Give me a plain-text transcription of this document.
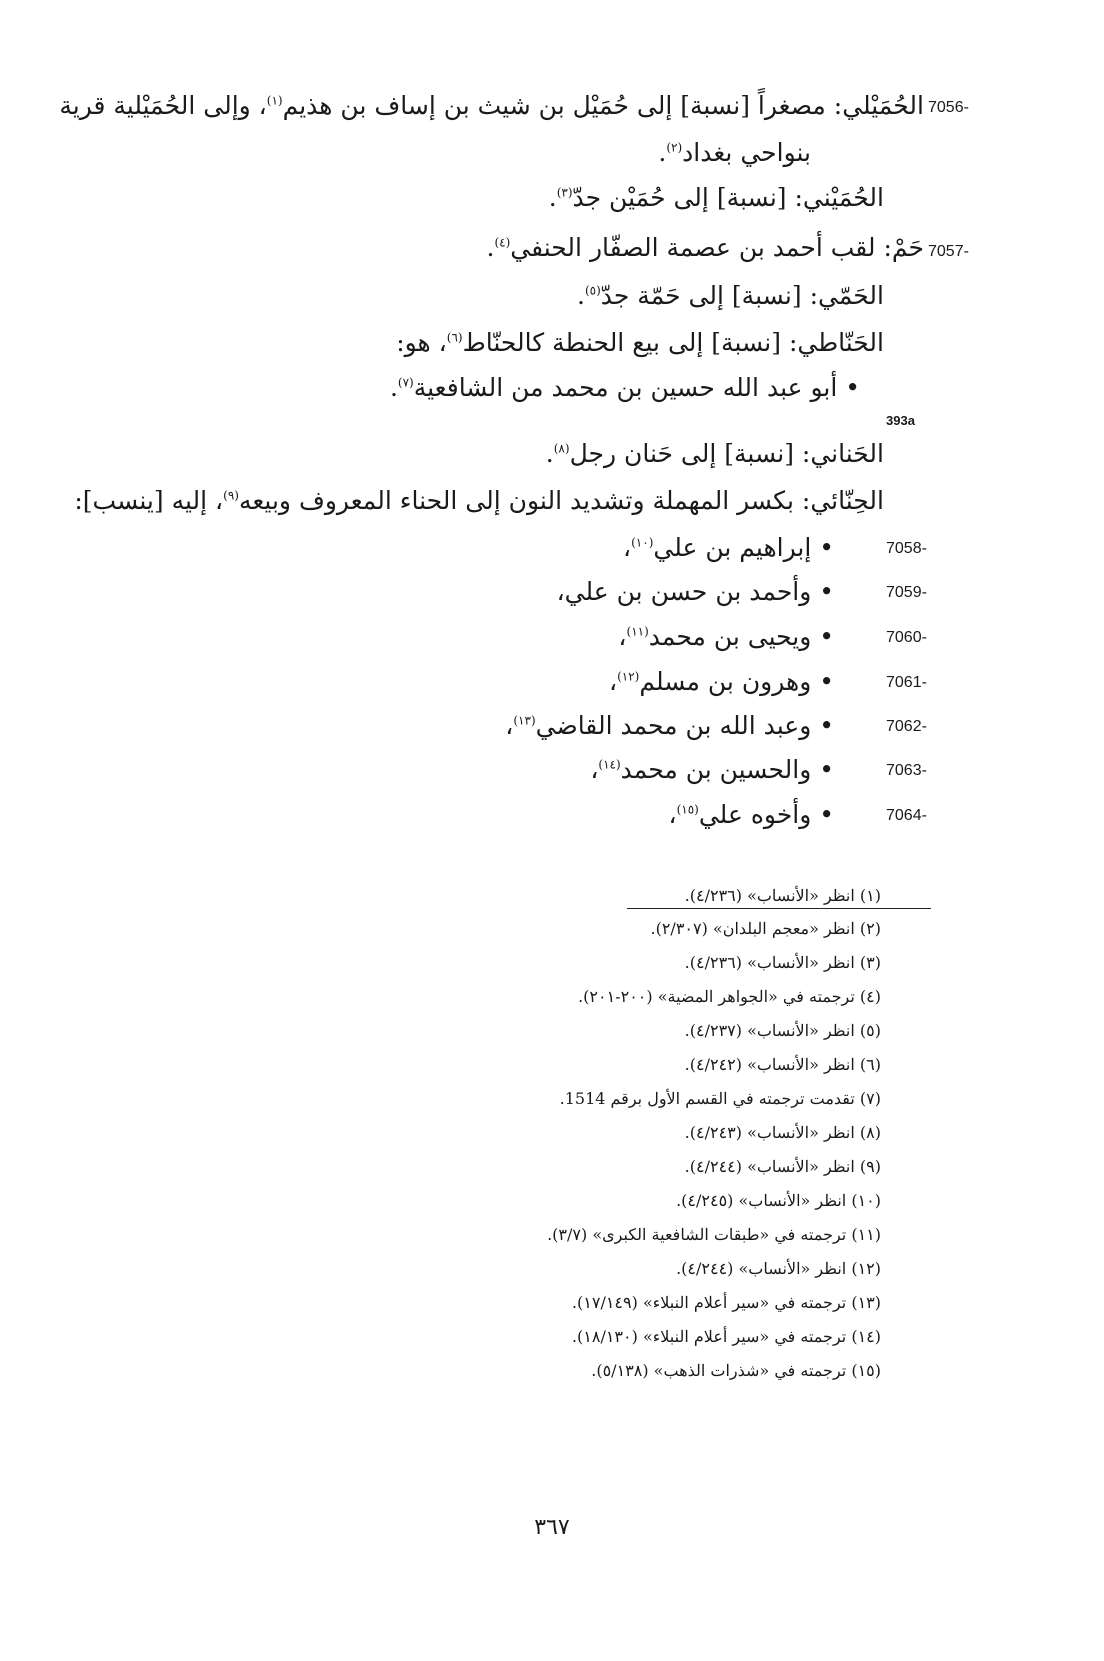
7056-
الحُمَيْلي: مصغراً [نسبة] إلى حُمَيْل بن شيث بن إساف بن هذيم$^{(١)}$، وإلى الحُمَيْلية قرية
بنواحي بغداد$^{(٢)}$.
الحُمَيْني: [نسبة] إلى حُمَيْن جدّ$^{(٣)}$.
7057-
حَمْ: لقب أحمد بن عصمة الصفّار الحنفي$^{(٤)}$.
الحَمّي: [نسبة] إلى حَمّة جدّ$^{(٥)}$.
الحَنّاطي: [نسبة] إلى بيع الحنطة كالحنّاط$^{(٦)}$، هو:
• أبو عبد الله حسين بن محمد من الشافعية$^{(٧)}$.
393a
الحَناني: [نسبة] إلى حَنان رجل$^{(٨)}$.
الحِنّائي: بكسر المهملة وتشديد النون إلى الحناء المعروف وبيعه$^{(٩)}$، إليه [ينسب]:
7058-
• إبراهيم بن علي$^{(١٠)}$،
7059-
• وأحمد بن حسن بن علي،
7060-
• ويحيى بن محمد$^{(١١)}$،
7061-
• وهرون بن مسلم$^{(١٢)}$،
7062-
• وعبد الله بن محمد القاضي$^{(١٣)}$،
7063-
• والحسين بن محمد$^{(١٤)}$،
7064-
• وأخوه علي$^{(١٥)}$،
(١) انظر «الأنساب» (٤/٢٣٦).
(٢) انظر «معجم البلدان» (٢/٣٠٧).
(٣) انظر «الأنساب» (٤/٢٣٦).
(٤) ترجمته في «الجواهر المضية» (٢٠٠-٢٠١).
(٥) انظر «الأنساب» (٤/٢٣٧).
(٦) انظر «الأنساب» (٤/٢٤٢).
(٧) تقدمت ترجمته في القسم الأول برقم 1514.
(٨) انظر «الأنساب» (٤/٢٤٣).
(٩) انظر «الأنساب» (٤/٢٤٤).
(١٠) انظر «الأنساب» (٤/٢٤٥).
(١١) ترجمته في «طبقات الشافعية الكبرى» (٣/٧).
(١٢) انظر «الأنساب» (٤/٢٤٤).
(١٣) ترجمته في «سير أعلام النبلاء» (١٧/١٤٩).
(١٤) ترجمته في «سير أعلام النبلاء» (١٨/١٣٠).
(١٥) ترجمته في «شذرات الذهب» (٥/١٣٨).
٣٦٧
